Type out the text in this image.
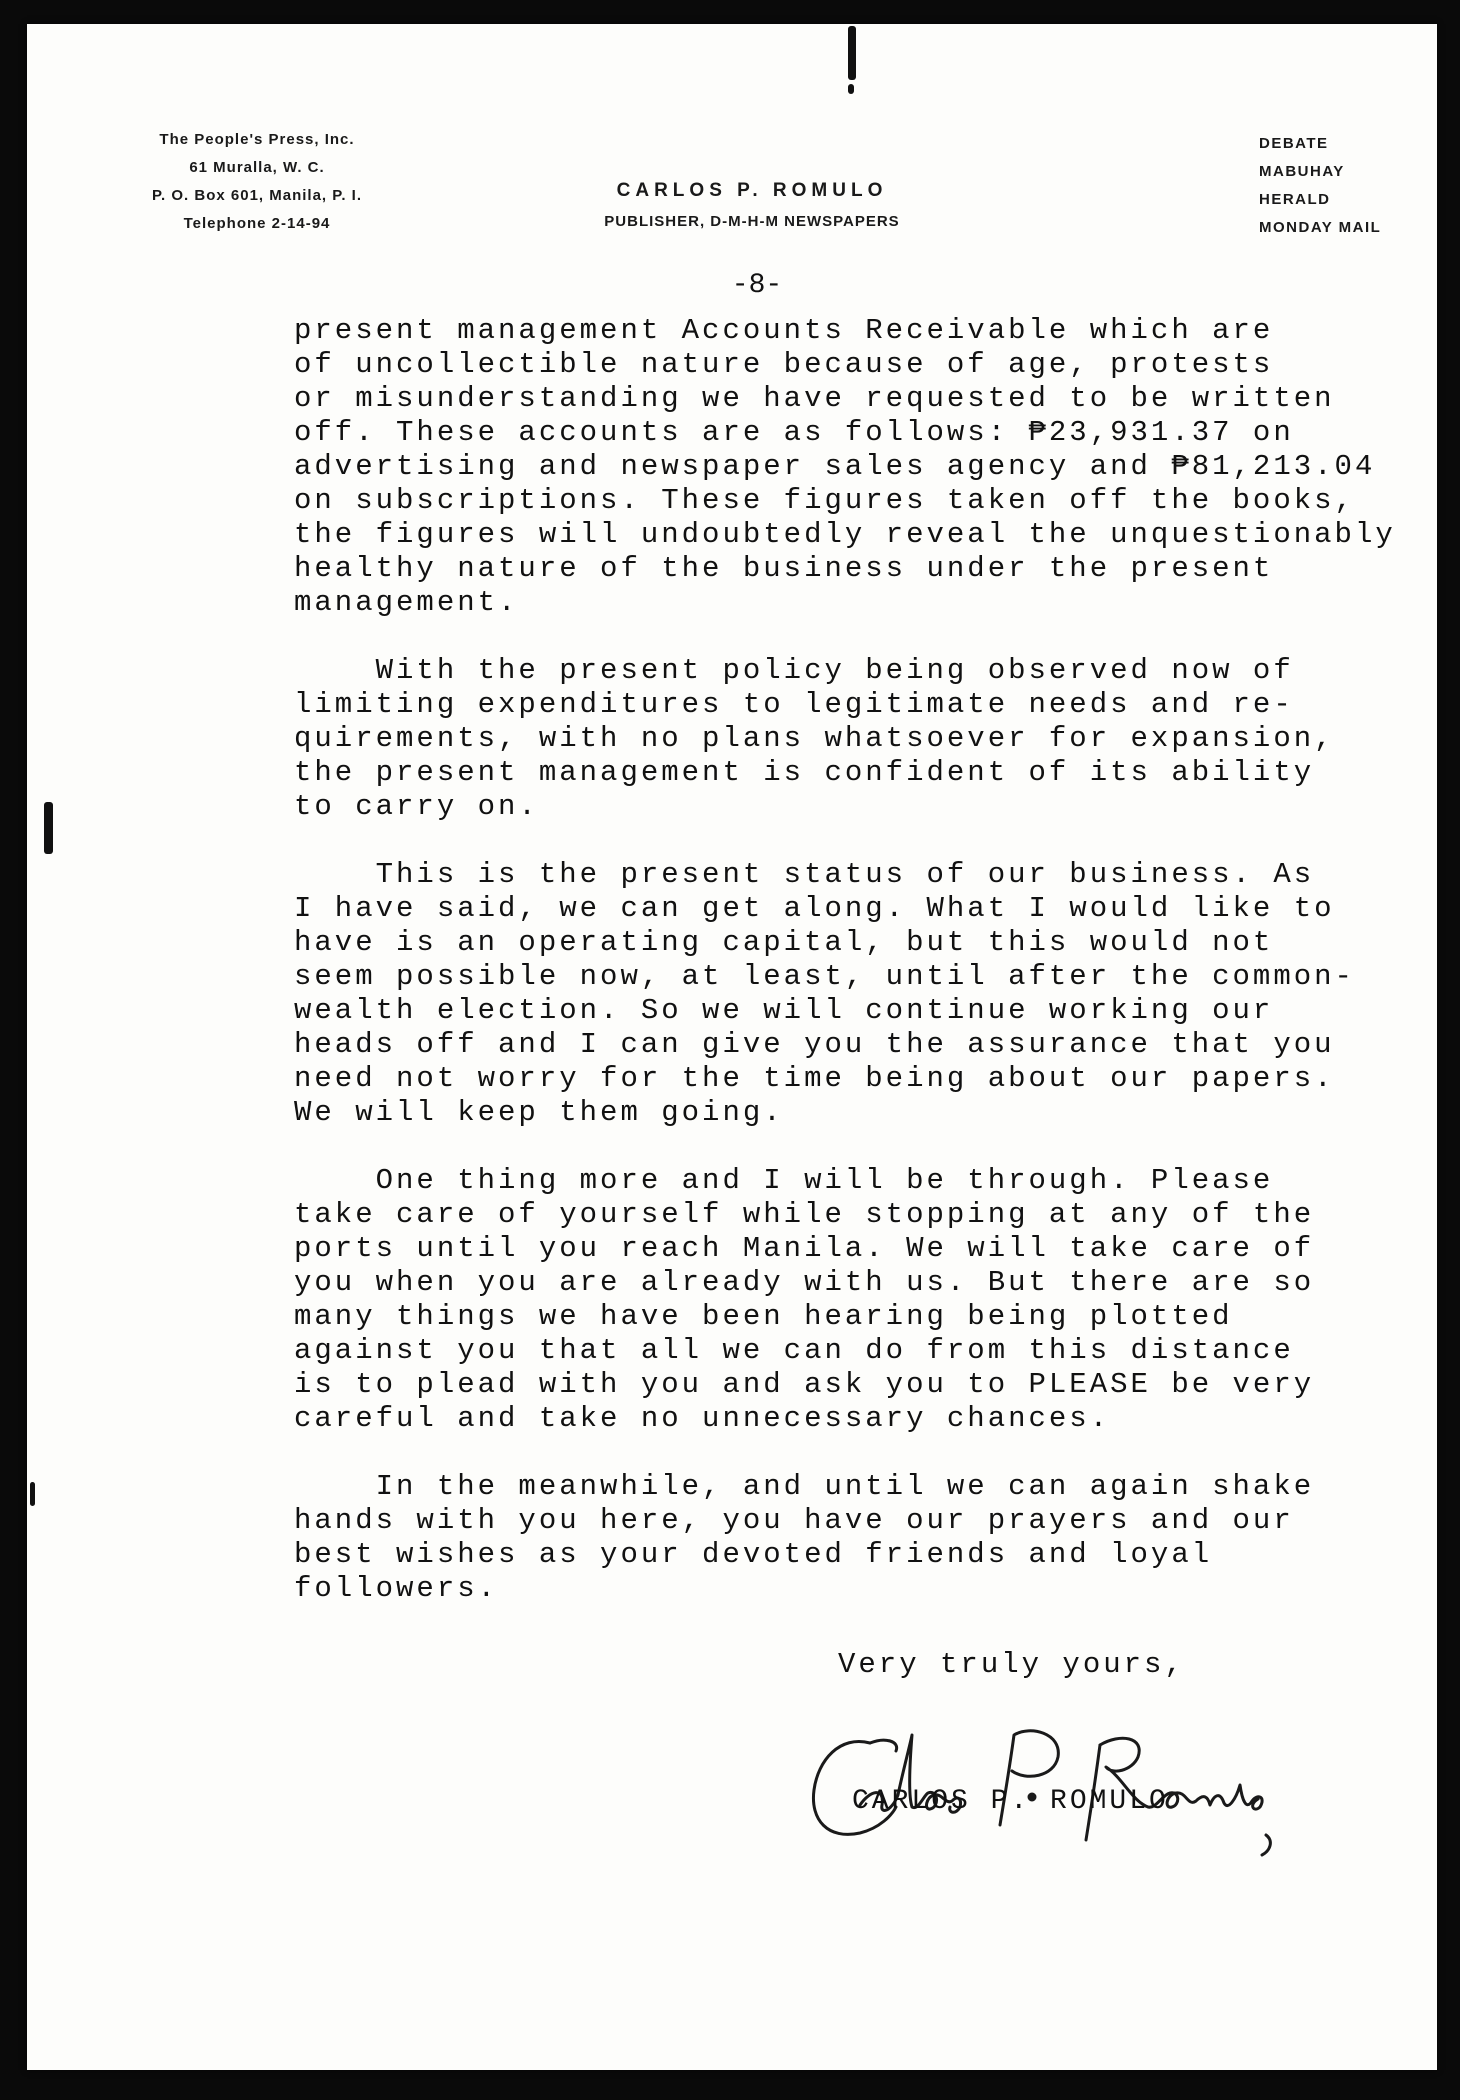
The People's Press, Inc.
61 Muralla, W. C.
P. O. Box 601, Manila, P. I.
Telephone 2-14-94
CARLOS P. ROMULO
PUBLISHER, D-M-H-M NEWSPAPERS
DEBATE
MABUHAY
HERALD
MONDAY MAIL
-8-
present management Accounts Receivable which are
of uncollectible nature because of age, protests
or misunderstanding we have requested to be written
off. These accounts are as follows: ₱23,931.37 on
advertising and newspaper sales agency and ₱81,213.04
on subscriptions. These figures taken off the books,
the figures will undoubtedly reveal the unquestionably
healthy nature of the business under the present
management.
With the present policy being observed now of
limiting expenditures to legitimate needs and re-
quirements, with no plans whatsoever for expansion,
the present management is confident of its ability
to carry on.
This is the present status of our business. As
I have said, we can get along. What I would like to
have is an operating capital, but this would not
seem possible now, at least, until after the common-
wealth election. So we will continue working our
heads off and I can give you the assurance that you
need not worry for the time being about our papers.
We will keep them going.
One thing more and I will be through. Please
take care of yourself while stopping at any of the
ports until you reach Manila. We will take care of
you when you are already with us. But there are so
many things we have been hearing being plotted
against you that all we can do from this distance
is to plead with you and ask you to PLEASE be very
careful and take no unnecessary chances.
In the meanwhile, and until we can again shake
hands with you here, you have our prayers and our
best wishes as your devoted friends and loyal
followers.
Very truly yours,
CARLOS P. ROMULO
